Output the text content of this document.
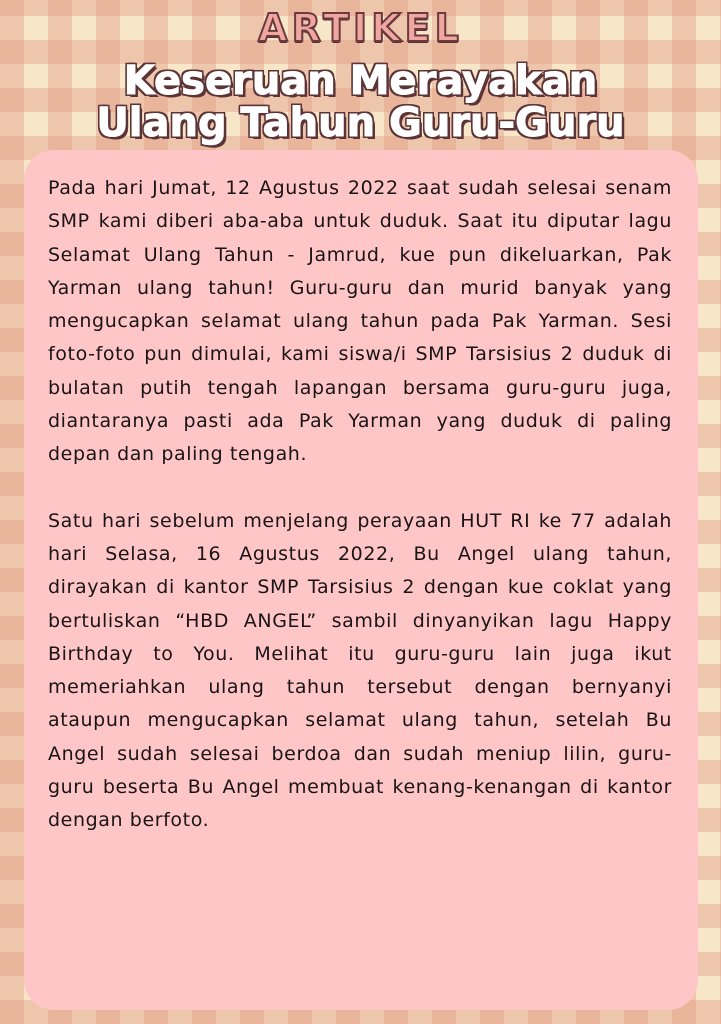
ARTIKEL
Keseruan Merayakan
Ulang Tahun Guru-Guru

Pada hari Jumat, 12 Agustus 2022 saat sudah selesai senam SMP kami diberi aba-aba untuk duduk. Saat itu diputar lagu Selamat Ulang Tahun - Jamrud, kue pun dikeluarkan, Pak Yarman ulang tahun! Guru-guru dan murid banyak yang mengucapkan selamat ulang tahun pada Pak Yarman. Sesi foto-foto pun dimulai, kami siswa/i SMP Tarsisius 2 duduk di bulatan putih tengah lapangan bersama guru-guru juga, diantaranya pasti ada Pak Yarman yang duduk di paling depan dan paling tengah.

Satu hari sebelum menjelang perayaan HUT RI ke 77 adalah hari Selasa, 16 Agustus 2022, Bu Angel ulang tahun, dirayakan di kantor SMP Tarsisius 2 dengan kue coklat yang bertuliskan “HBD ANGEL” sambil dinyanyikan lagu Happy Birthday to You. Melihat itu guru-guru lain juga ikut memeriahkan ulang tahun tersebut dengan bernyanyi ataupun mengucapkan selamat ulang tahun, setelah Bu Angel sudah selesai berdoa dan sudah meniup lilin, guru-guru beserta Bu Angel membuat kenang-kenangan di kantor dengan berfoto.
